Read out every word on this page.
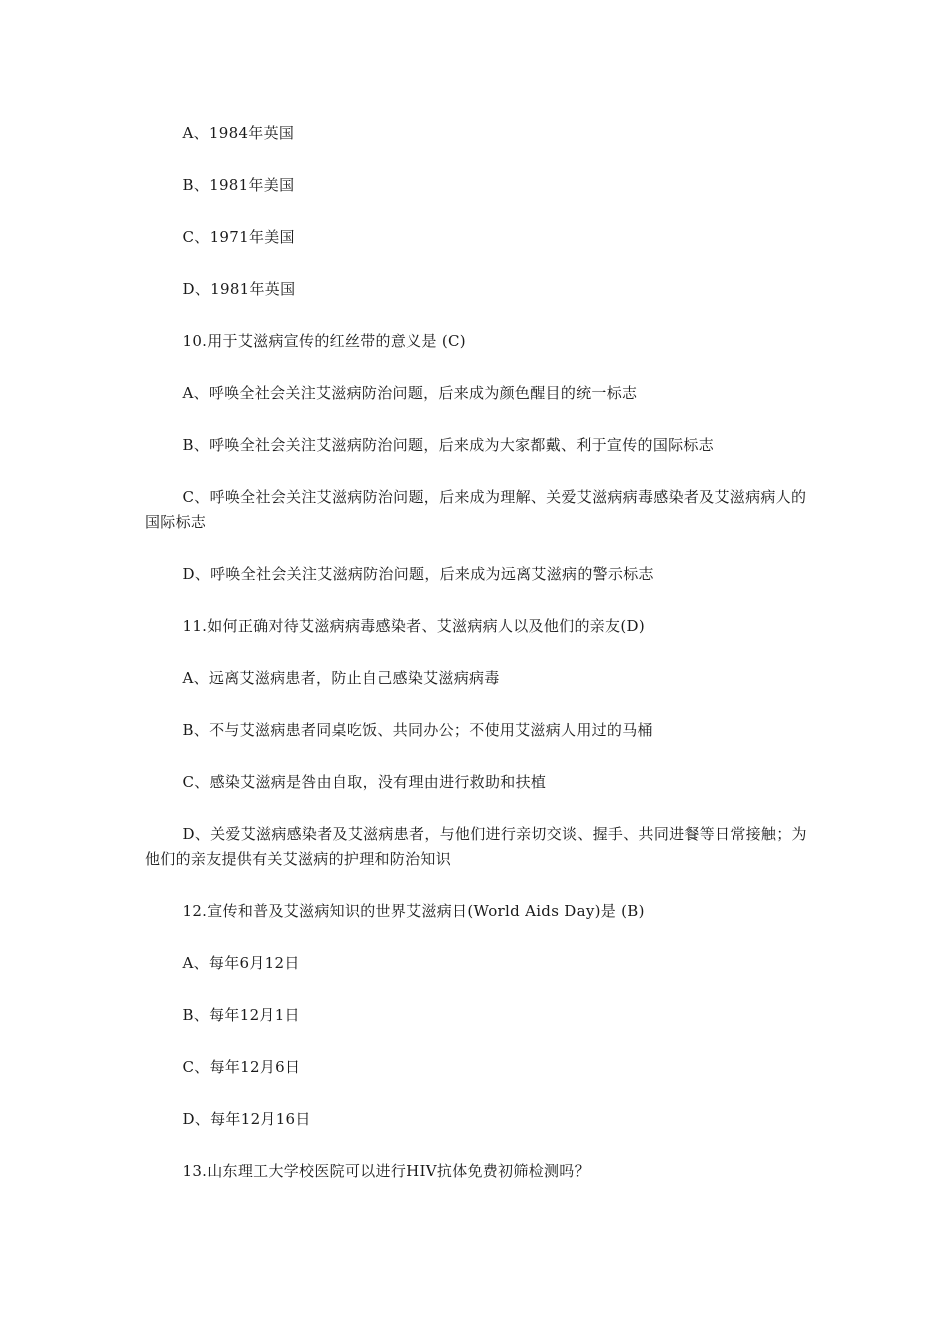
A、1984年英国

B、1981年美国

C、1971年美国

D、1981年英国

10.用于艾滋病宣传的红丝带的意义是 (C)

A、呼唤全社会关注艾滋病防治问题，后来成为颜色醒目的统一标志

B、呼唤全社会关注艾滋病防治问题，后来成为大家都戴、利于宣传的国际标志

C、呼唤全社会关注艾滋病防治问题，后来成为理解、关爱艾滋病病毒感染者及艾滋病病人的国际标志

D、呼唤全社会关注艾滋病防治问题，后来成为远离艾滋病的警示标志

11.如何正确对待艾滋病病毒感染者、艾滋病病人以及他们的亲友(D)

A、远离艾滋病患者，防止自己感染艾滋病病毒

B、不与艾滋病患者同桌吃饭、共同办公；不使用艾滋病人用过的马桶

C、感染艾滋病是咎由自取，没有理由进行救助和扶植

D、关爱艾滋病感染者及艾滋病患者，与他们进行亲切交谈、握手、共同进餐等日常接触；为他们的亲友提供有关艾滋病的护理和防治知识

12.宣传和普及艾滋病知识的世界艾滋病日(World Aids Day)是 (B)

A、每年6月12日

B、每年12月1日

C、每年12月6日

D、每年12月16日

13.山东理工大学校医院可以进行HIV抗体免费初筛检测吗？
